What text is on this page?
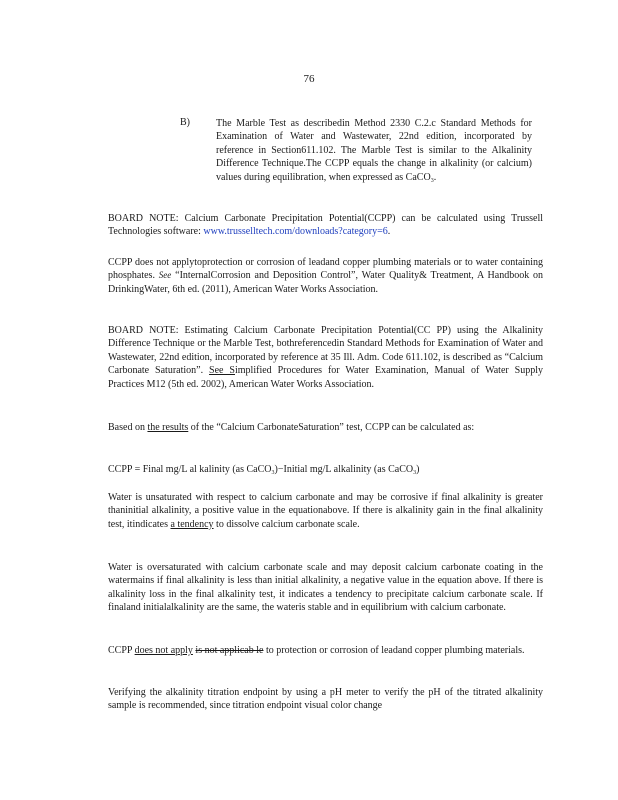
76
B)	The Marble Test as describedin Method 2330 C.2.c Standard Methods for Examination of Water and Wastewater, 22nd edition, incorporated by reference in Section611.102. The Marble Test is similar to the Alkalinity Difference Technique.The CCPP equals the change in alkalinity (or calcium) values during equilibration, when expressed as CaCO$_3$.

BOARD NOTE: Calcium Carbonate Precipitation Potential(CCPP) can be calculated using Trussell Technologies software: www.trusselltech.com/downloads?category=6.

CCPP does not applytoprotection or corrosion of leadand copper plumbing materials or to water containing phosphates. See “InternalCorrosion and Deposition Control”, Water Quality& Treatment, A Handbook on DrinkingWater, 6th ed. (2011), American Water Works Association.

BOARD NOTE: Estimating Calcium Carbonate Precipitation Potential(CC PP) using the Alkalinity Difference Technique or the Marble Test, bothreferencedin Standard Methods for Examination of Water and Wastewater, 22nd edition, incorporated by reference at 35 Ill. Adm. Code 611.102, is described as “Calcium Carbonate Saturation”. See Simplified Procedures for Water Examination, Manual of Water Supply Practices M12 (5th ed. 2002), American Water Works Association.

Based on the results of the “Calcium CarbonateSaturation” test, CCPP can be calculated as:

CCPP = Final mg/L al kalinity (as CaCO$_3$)−Initial mg/L alkalinity (as CaCO$_3$)

Water is unsaturated with respect to calcium carbonate and may be corrosive if final alkalinity is greater thaninitial alkalinity, a positive value in the equationabove. If there is alkalinity gain in the final alkalinity test, itindicates a tendency to dissolve calcium carbonate scale.

Water is oversaturated with calcium carbonate scale and may deposit calcium carbonate coating in the watermains if final alkalinity is less than initial alkalinity, a negative value in the equation above. If there is alkalinity loss in the final alkalinity test, it indicates a tendency to precipitate calcium carbonate scale. If finaland initialalkalinity are the same, the wateris stable and in equilibrium with calcium carbonate.

CCPP does not apply is not applicab le to protection or corrosion of leadand copper plumbing materials.

Verifying the alkalinity titration endpoint by using a pH meter to verify the pH of the titrated alkalinity sample is recommended, since titration endpoint visual color change
